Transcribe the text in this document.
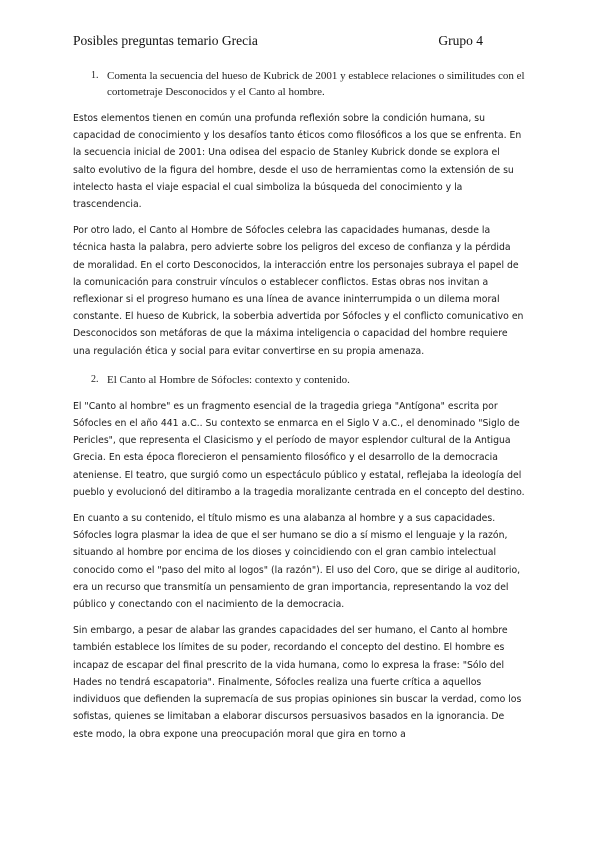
Posibles preguntas temario Grecia	Grupo 4
1. Comenta la secuencia del hueso de Kubrick de 2001 y establece relaciones o similitudes con el cortometraje Desconocidos y el Canto al hombre.

Estos elementos tienen en común una profunda reflexión sobre la condición humana, su capacidad de conocimiento y los desafíos tanto éticos como filosóficos a los que se enfrenta. En la secuencia inicial de 2001: Una odisea del espacio de Stanley Kubrick donde se explora el salto evolutivo de la figura del hombre, desde el uso de herramientas como la extensión de su intelecto hasta el viaje espacial el cual simboliza la búsqueda del conocimiento y la trascendencia.

Por otro lado, el Canto al Hombre de Sófocles celebra las capacidades humanas, desde la técnica hasta la palabra, pero advierte sobre los peligros del exceso de confianza y la pérdida de moralidad. En el corto Desconocidos, la interacción entre los personajes subraya el papel de la comunicación para construir vínculos o establecer conflictos. Estas obras nos invitan a reflexionar si el progreso humano es una línea de avance ininterrumpida o un dilema moral constante. El hueso de Kubrick, la soberbia advertida por Sófocles y el conflicto comunicativo en Desconocidos son metáforas de que la máxima inteligencia o capacidad del hombre requiere una regulación ética y social para evitar convertirse en su propia amenaza.

2. El Canto al Hombre de Sófocles: contexto y contenido.

El "Canto al hombre" es un fragmento esencial de la tragedia griega "Antígona" escrita por Sófocles en el año 441 a.C.. Su contexto se enmarca en el Siglo V a.C., el denominado "Siglo de Pericles", que representa el Clasicismo y el período de mayor esplendor cultural de la Antigua Grecia. En esta época florecieron el pensamiento filosófico y el desarrollo de la democracia ateniense. El teatro, que surgió como un espectáculo público y estatal, reflejaba la ideología del pueblo y evolucionó del ditirambo a la tragedia moralizante centrada en el concepto del destino.

En cuanto a su contenido, el título mismo es una alabanza al hombre y a sus capacidades. Sófocles logra plasmar la idea de que el ser humano se dio a sí mismo el lenguaje y la razón, situando al hombre por encima de los dioses y coincidiendo con el gran cambio intelectual conocido como el "paso del mito al logos" (la razón"). El uso del Coro, que se dirige al auditorio, era un recurso que transmitía un pensamiento de gran importancia, representando la voz del público y conectando con el nacimiento de la democracia.

Sin embargo, a pesar de alabar las grandes capacidades del ser humano, el Canto al hombre también establece los límites de su poder, recordando el concepto del destino. El hombre es incapaz de escapar del final prescrito de la vida humana, como lo expresa la frase: "Sólo del Hades no tendrá escapatoria". Finalmente, Sófocles realiza una fuerte crítica a aquellos individuos que defienden la supremacía de sus propias opiniones sin buscar la verdad, como los sofistas, quienes se limitaban a elaborar discursos persuasivos basados en la ignorancia. De este modo, la obra expone una preocupación moral que gira en torno a
